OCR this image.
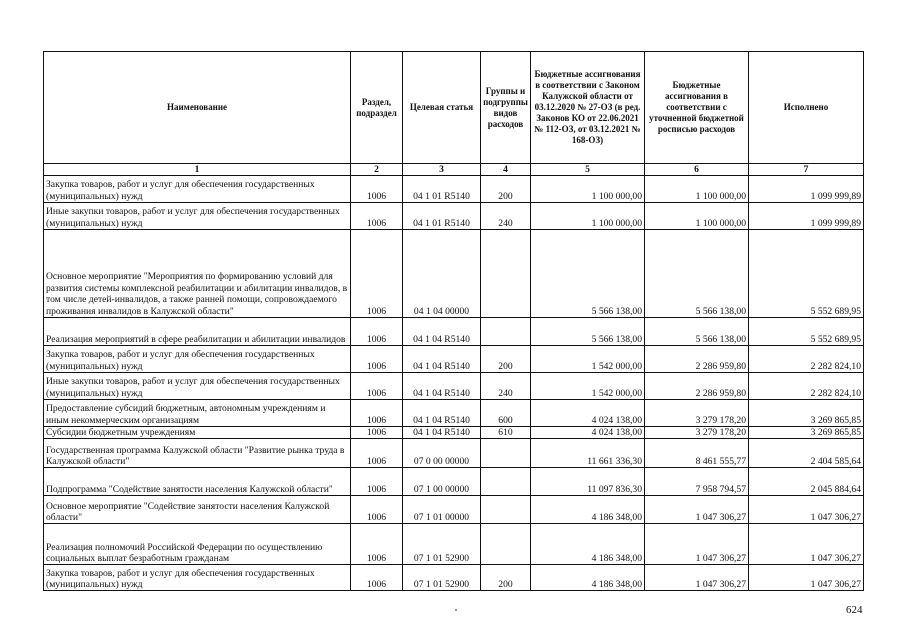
Наименование	Раздел, подраздел	Целевая статья	Группы и подгруппы видов расходов	Бюджетные ассигнования в соответствии с Законом Калужской области от 03.12.2020 № 27-ОЗ (в ред. Законов КО от 22.06.2021 № 112-ОЗ, от 03.12.2021 № 168-ОЗ)	Бюджетные ассигнования в соответствии с уточненной бюджетной росписью расходов	Исполнено
1	2	3	4	5	6	7
Закупка товаров, работ и услуг для обеспечения государственных (муниципальных) нужд	1006	04 1 01 R5140	200	1 100 000,00	1 100 000,00	1 099 999,89
Иные закупки товаров, работ и услуг для обеспечения государственных (муниципальных) нужд	1006	04 1 01 R5140	240	1 100 000,00	1 100 000,00	1 099 999,89
Основное мероприятие "Мероприятия по формированию условий для развития системы комплексной реабилитации и абилитации инвалидов, в том числе детей-инвалидов, а также ранней помощи, сопровождаемого проживания инвалидов в Калужской области"	1006	04 1 04 00000		5 566 138,00	5 566 138,00	5 552 689,95
Реализация мероприятий в сфере реабилитации и абилитации инвалидов	1006	04 1 04 R5140		5 566 138,00	5 566 138,00	5 552 689,95
Закупка товаров, работ и услуг для обеспечения государственных (муниципальных) нужд	1006	04 1 04 R5140	200	1 542 000,00	2 286 959,80	2 282 824,10
Иные закупки товаров, работ и услуг для обеспечения государственных (муниципальных) нужд	1006	04 1 04 R5140	240	1 542 000,00	2 286 959,80	2 282 824,10
Предоставление субсидий бюджетным, автономным учреждениям и иным некоммерческим организациям	1006	04 1 04 R5140	600	4 024 138,00	3 279 178,20	3 269 865,85
Субсидии бюджетным учреждениям	1006	04 1 04 R5140	610	4 024 138,00	3 279 178,20	3 269 865,85
Государственная программа Калужской области "Развитие рынка труда в Калужской области"	1006	07 0 00 00000		11 661 336,30	8 461 555,77	2 404 585,64
Подпрограмма "Содействие занятости населения Калужской области"	1006	07 1 00 00000		11 097 836,30	7 958 794,57	2 045 884,64
Основное мероприятие "Содействие занятости населения Калужской области"	1006	07 1 01 00000		4 186 348,00	1 047 306,27	1 047 306,27
Реализация полномочий Российской Федерации по осуществлению социальных выплат безработным гражданам	1006	07 1 01 52900		4 186 348,00	1 047 306,27	1 047 306,27
Закупка товаров, работ и услуг для обеспечения государственных (муниципальных) нужд	1006	07 1 01 52900	200	4 186 348,00	1 047 306,27	1 047 306,27
624
